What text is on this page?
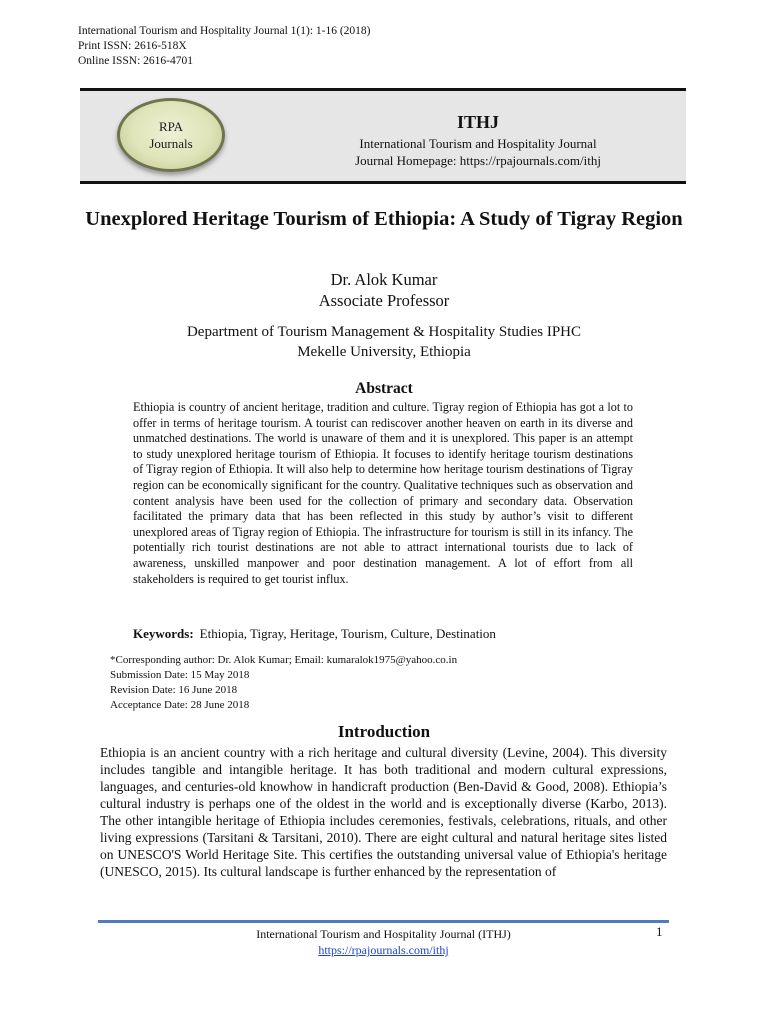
International Tourism and Hospitality Journal 1(1): 1-16 (2018)
Print ISSN: 2616-518X
Online ISSN: 2616-4701
RPA
Journals
ITHJ
International Tourism and Hospitality Journal
Journal Homepage: https://rpajournals.com/ithj
Unexplored Heritage Tourism of Ethiopia: A Study of Tigray Region
Dr. Alok Kumar
Associate Professor
Department of Tourism Management & Hospitality Studies IPHC
Mekelle University, Ethiopia
Abstract

Ethiopia is country of ancient heritage, tradition and culture. Tigray region of Ethiopia has got a lot to offer in terms of heritage tourism. A tourist can rediscover another heaven on earth in its diverse and unmatched destinations. The world is unaware of them and it is unexplored. This paper is an attempt to study unexplored heritage tourism of Ethiopia. It focuses to identify heritage tourism destinations of Tigray region of Ethiopia. It will also help to determine how heritage tourism destinations of Tigray region can be economically significant for the country. Qualitative techniques such as observation and content analysis have been used for the collection of primary and secondary data. Observation facilitated the primary data that has been reflected in this study by author’s visit to different unexplored areas of Tigray region of Ethiopia. The infrastructure for tourism is still in its infancy. The potentially rich tourist destinations are not able to attract international tourists due to lack of awareness, unskilled manpower and poor destination management. A lot of effort from all stakeholders is required to get tourist influx.

Keywords: Ethiopia, Tigray, Heritage, Tourism, Culture, Destination
*Corresponding author: Dr. Alok Kumar; Email: kumaralok1975@yahoo.co.in
Submission Date: 15 May 2018
Revision Date: 16 June 2018
Acceptance Date: 28 June 2018
Introduction

Ethiopia is an ancient country with a rich heritage and cultural diversity (Levine, 2004). This diversity includes tangible and intangible heritage. It has both traditional and modern cultural expressions, languages, and centuries-old knowhow in handicraft production (Ben-David & Good, 2008). Ethiopia’s cultural industry is perhaps one of the oldest in the world and is exceptionally diverse (Karbo, 2013). The other intangible heritage of Ethiopia includes ceremonies, festivals, celebrations, rituals, and other living expressions (Tarsitani & Tarsitani, 2010). There are eight cultural and natural heritage sites listed on UNESCO'S World Heritage Site. This certifies the outstanding universal value of Ethiopia's heritage (UNESCO, 2015). Its cultural landscape is further enhanced by the representation of

International Tourism and Hospitality Journal (ITHJ)
https://rpajournals.com/ithj
1
